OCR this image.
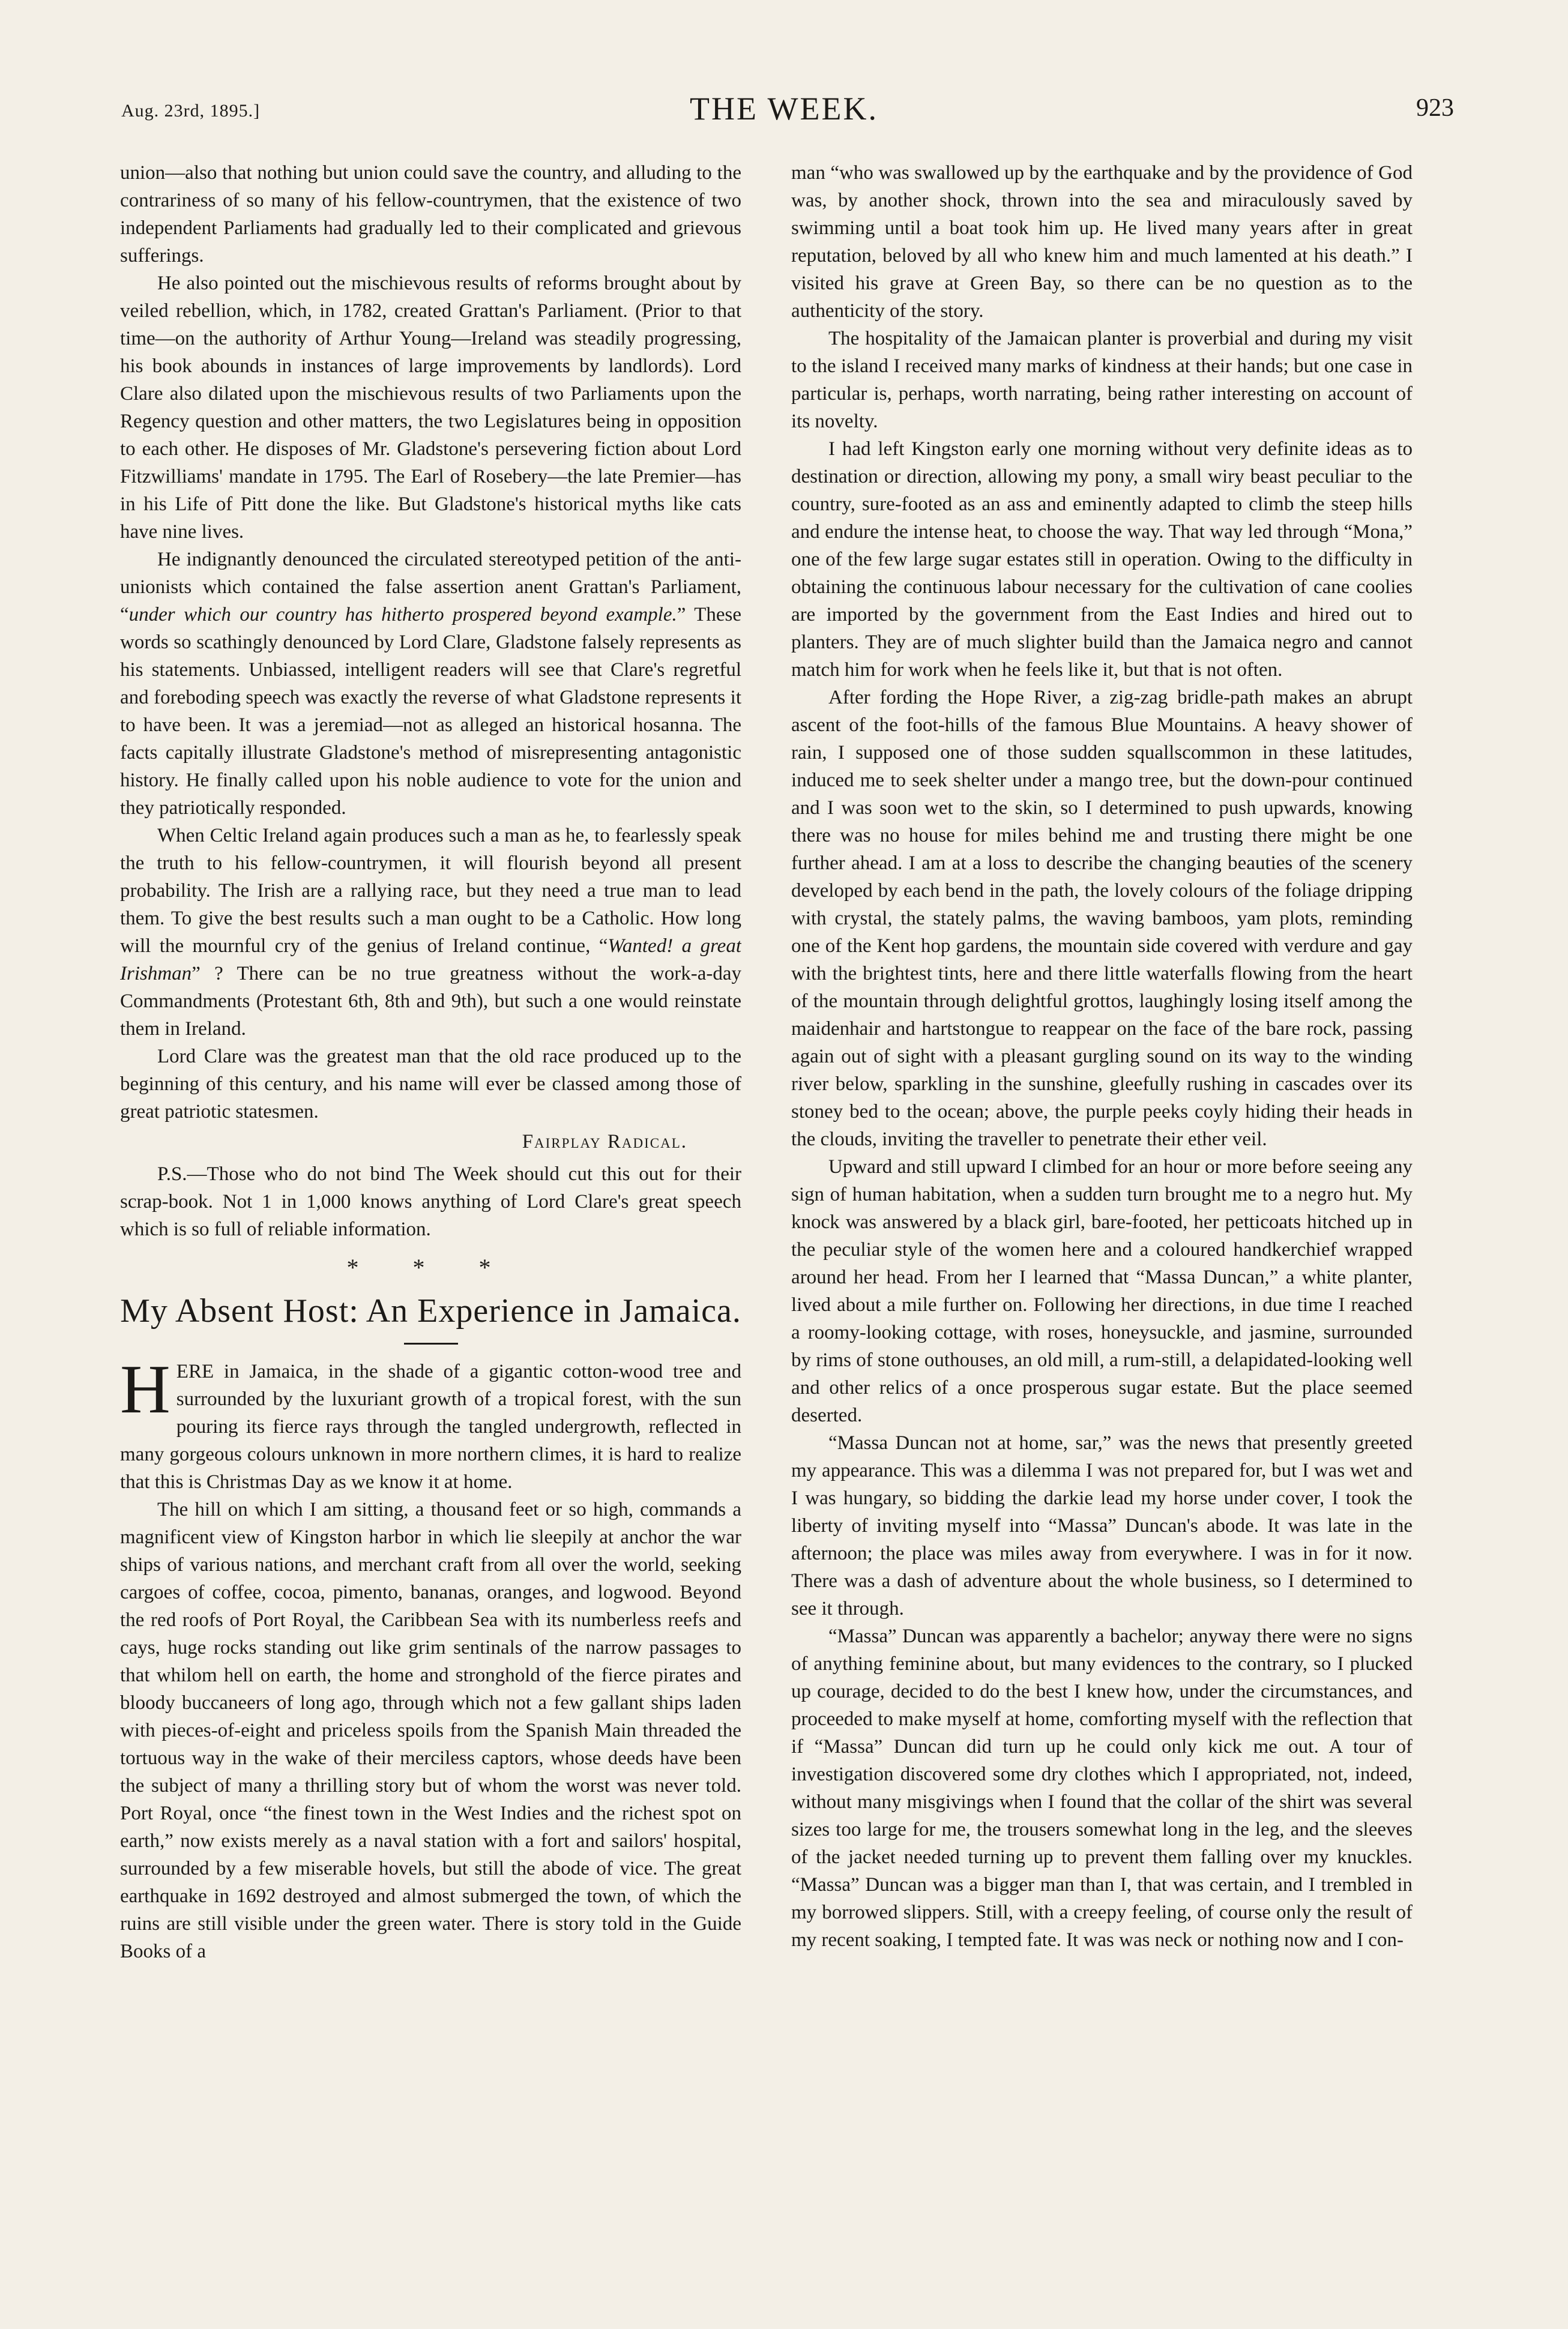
Aug. 23rd, 1895.]	THE WEEK.	923

union—also that nothing but union could save the country, and alluding to the contrariness of so many of his fellow-countrymen, that the existence of two independent Parliaments had gradually led to their complicated and grievous sufferings.

He also pointed out the mischievous results of reforms brought about by veiled rebellion, which, in 1782, created Grattan's Parliament. (Prior to that time—on the authority of Arthur Young—Ireland was steadily progressing, his book abounds in instances of large improvements by landlords). Lord Clare also dilated upon the mischievous results of two Parliaments upon the Regency question and other matters, the two Legislatures being in opposition to each other. He disposes of Mr. Gladstone's persevering fiction about Lord Fitzwilliams' mandate in 1795. The Earl of Rosebery—the late Premier—has in his Life of Pitt done the like. But Gladstone's historical myths like cats have nine lives.

He indignantly denounced the circulated stereotyped petition of the anti-unionists which contained the false assertion anent Grattan's Parliament, “under which our country has hitherto prospered beyond example.” These words so scathingly denounced by Lord Clare, Gladstone falsely represents as his statements. Unbiassed, intelligent readers will see that Clare's regretful and foreboding speech was exactly the reverse of what Gladstone represents it to have been. It was a jeremiad—not as alleged an historical hosanna. The facts capitally illustrate Gladstone's method of misrepresenting antagonistic history. He finally called upon his noble audience to vote for the union and they patriotically responded.

When Celtic Ireland again produces such a man as he, to fearlessly speak the truth to his fellow-countrymen, it will flourish beyond all present probability. The Irish are a rallying race, but they need a true man to lead them. To give the best results such a man ought to be a Catholic. How long will the mournful cry of the genius of Ireland continue, “Wanted! a great Irishman” ? There can be no true greatness without the work-a-day Commandments (Protestant 6th, 8th and 9th), but such a one would reinstate them in Ireland.

Lord Clare was the greatest man that the old race produced up to the beginning of this century, and his name will ever be classed among those of great patriotic statesmen.

Fairplay Radical.

P.S.—Those who do not bind The Week should cut this out for their scrap-book. Not 1 in 1,000 knows anything of Lord Clare's great speech which is so full of reliable information.

* * *
My Absent Host: An Experience in Jamaica.

HERE in Jamaica, in the shade of a gigantic cotton-wood tree and surrounded by the luxuriant growth of a tropical forest, with the sun pouring its fierce rays through the tangled undergrowth, reflected in many gorgeous colours unknown in more northern climes, it is hard to realize that this is Christmas Day as we know it at home.

The hill on which I am sitting, a thousand feet or so high, commands a magnificent view of Kingston harbor in which lie sleepily at anchor the war ships of various nations, and merchant craft from all over the world, seeking cargoes of coffee, cocoa, pimento, bananas, oranges, and logwood. Beyond the red roofs of Port Royal, the Caribbean Sea with its numberless reefs and cays, huge rocks standing out like grim sentinals of the narrow passages to that whilom hell on earth, the home and stronghold of the fierce pirates and bloody buccaneers of long ago, through which not a few gallant ships laden with pieces-of-eight and priceless spoils from the Spanish Main threaded the tortuous way in the wake of their merciless captors, whose deeds have been the subject of many a thrilling story but of whom the worst was never told. Port Royal, once “the finest town in the West Indies and the richest spot on earth,” now exists merely as a naval station with a fort and sailors' hospital, surrounded by a few miserable hovels, but still the abode of vice. The great earthquake in 1692 destroyed and almost submerged the town, of which the ruins are still visible under the green water. There is story told in the Guide Books of a

man “who was swallowed up by the earthquake and by the providence of God was, by another shock, thrown into the sea and miraculously saved by swimming until a boat took him up. He lived many years after in great reputation, beloved by all who knew him and much lamented at his death.” I visited his grave at Green Bay, so there can be no question as to the authenticity of the story.

The hospitality of the Jamaican planter is proverbial and during my visit to the island I received many marks of kindness at their hands; but one case in particular is, perhaps, worth narrating, being rather interesting on account of its novelty.

I had left Kingston early one morning without very definite ideas as to destination or direction, allowing my pony, a small wiry beast peculiar to the country, sure-footed as an ass and eminently adapted to climb the steep hills and endure the intense heat, to choose the way. That way led through “Mona,” one of the few large sugar estates still in operation. Owing to the difficulty in obtaining the continuous labour necessary for the cultivation of cane coolies are imported by the government from the East Indies and hired out to planters. They are of much slighter build than the Jamaica negro and cannot match him for work when he feels like it, but that is not often.

After fording the Hope River, a zig-zag bridle-path makes an abrupt ascent of the foot-hills of the famous Blue Mountains. A heavy shower of rain, I supposed one of those sudden squallscommon in these latitudes, induced me to seek shelter under a mango tree, but the down-pour continued and I was soon wet to the skin, so I determined to push upwards, knowing there was no house for miles behind me and trusting there might be one further ahead. I am at a loss to describe the changing beauties of the scenery developed by each bend in the path, the lovely colours of the foliage dripping with crystal, the stately palms, the waving bamboos, yam plots, reminding one of the Kent hop gardens, the mountain side covered with verdure and gay with the brightest tints, here and there little waterfalls flowing from the heart of the mountain through delightful grottos, laughingly losing itself among the maidenhair and hartstongue to reappear on the face of the bare rock, passing again out of sight with a pleasant gurgling sound on its way to the winding river below, sparkling in the sunshine, gleefully rushing in cascades over its stoney bed to the ocean; above, the purple peeks coyly hiding their heads in the clouds, inviting the traveller to penetrate their ether veil.

Upward and still upward I climbed for an hour or more before seeing any sign of human habitation, when a sudden turn brought me to a negro hut. My knock was answered by a black girl, bare-footed, her petticoats hitched up in the peculiar style of the women here and a coloured handkerchief wrapped around her head. From her I learned that “Massa Duncan,” a white planter, lived about a mile further on. Following her directions, in due time I reached a roomy-looking cottage, with roses, honeysuckle, and jasmine, surrounded by rims of stone outhouses, an old mill, a rum-still, a delapidated-looking well and other relics of a once prosperous sugar estate. But the place seemed deserted.

“Massa Duncan not at home, sar,” was the news that presently greeted my appearance. This was a dilemma I was not prepared for, but I was wet and I was hungary, so bidding the darkie lead my horse under cover, I took the liberty of inviting myself into “Massa” Duncan's abode. It was late in the afternoon; the place was miles away from everywhere. I was in for it now. There was a dash of adventure about the whole business, so I determined to see it through.

“Massa” Duncan was apparently a bachelor; anyway there were no signs of anything feminine about, but many evidences to the contrary, so I plucked up courage, decided to do the best I knew how, under the circumstances, and proceeded to make myself at home, comforting myself with the reflection that if “Massa” Duncan did turn up he could only kick me out. A tour of investigation discovered some dry clothes which I appropriated, not, indeed, without many misgivings when I found that the collar of the shirt was several sizes too large for me, the trousers somewhat long in the leg, and the sleeves of the jacket needed turning up to prevent them falling over my knuckles. “Massa” Duncan was a bigger man than I, that was certain, and I trembled in my borrowed slippers. Still, with a creepy feeling, of course only the result of my recent soaking, I tempted fate. It was was neck or nothing now and I con-
